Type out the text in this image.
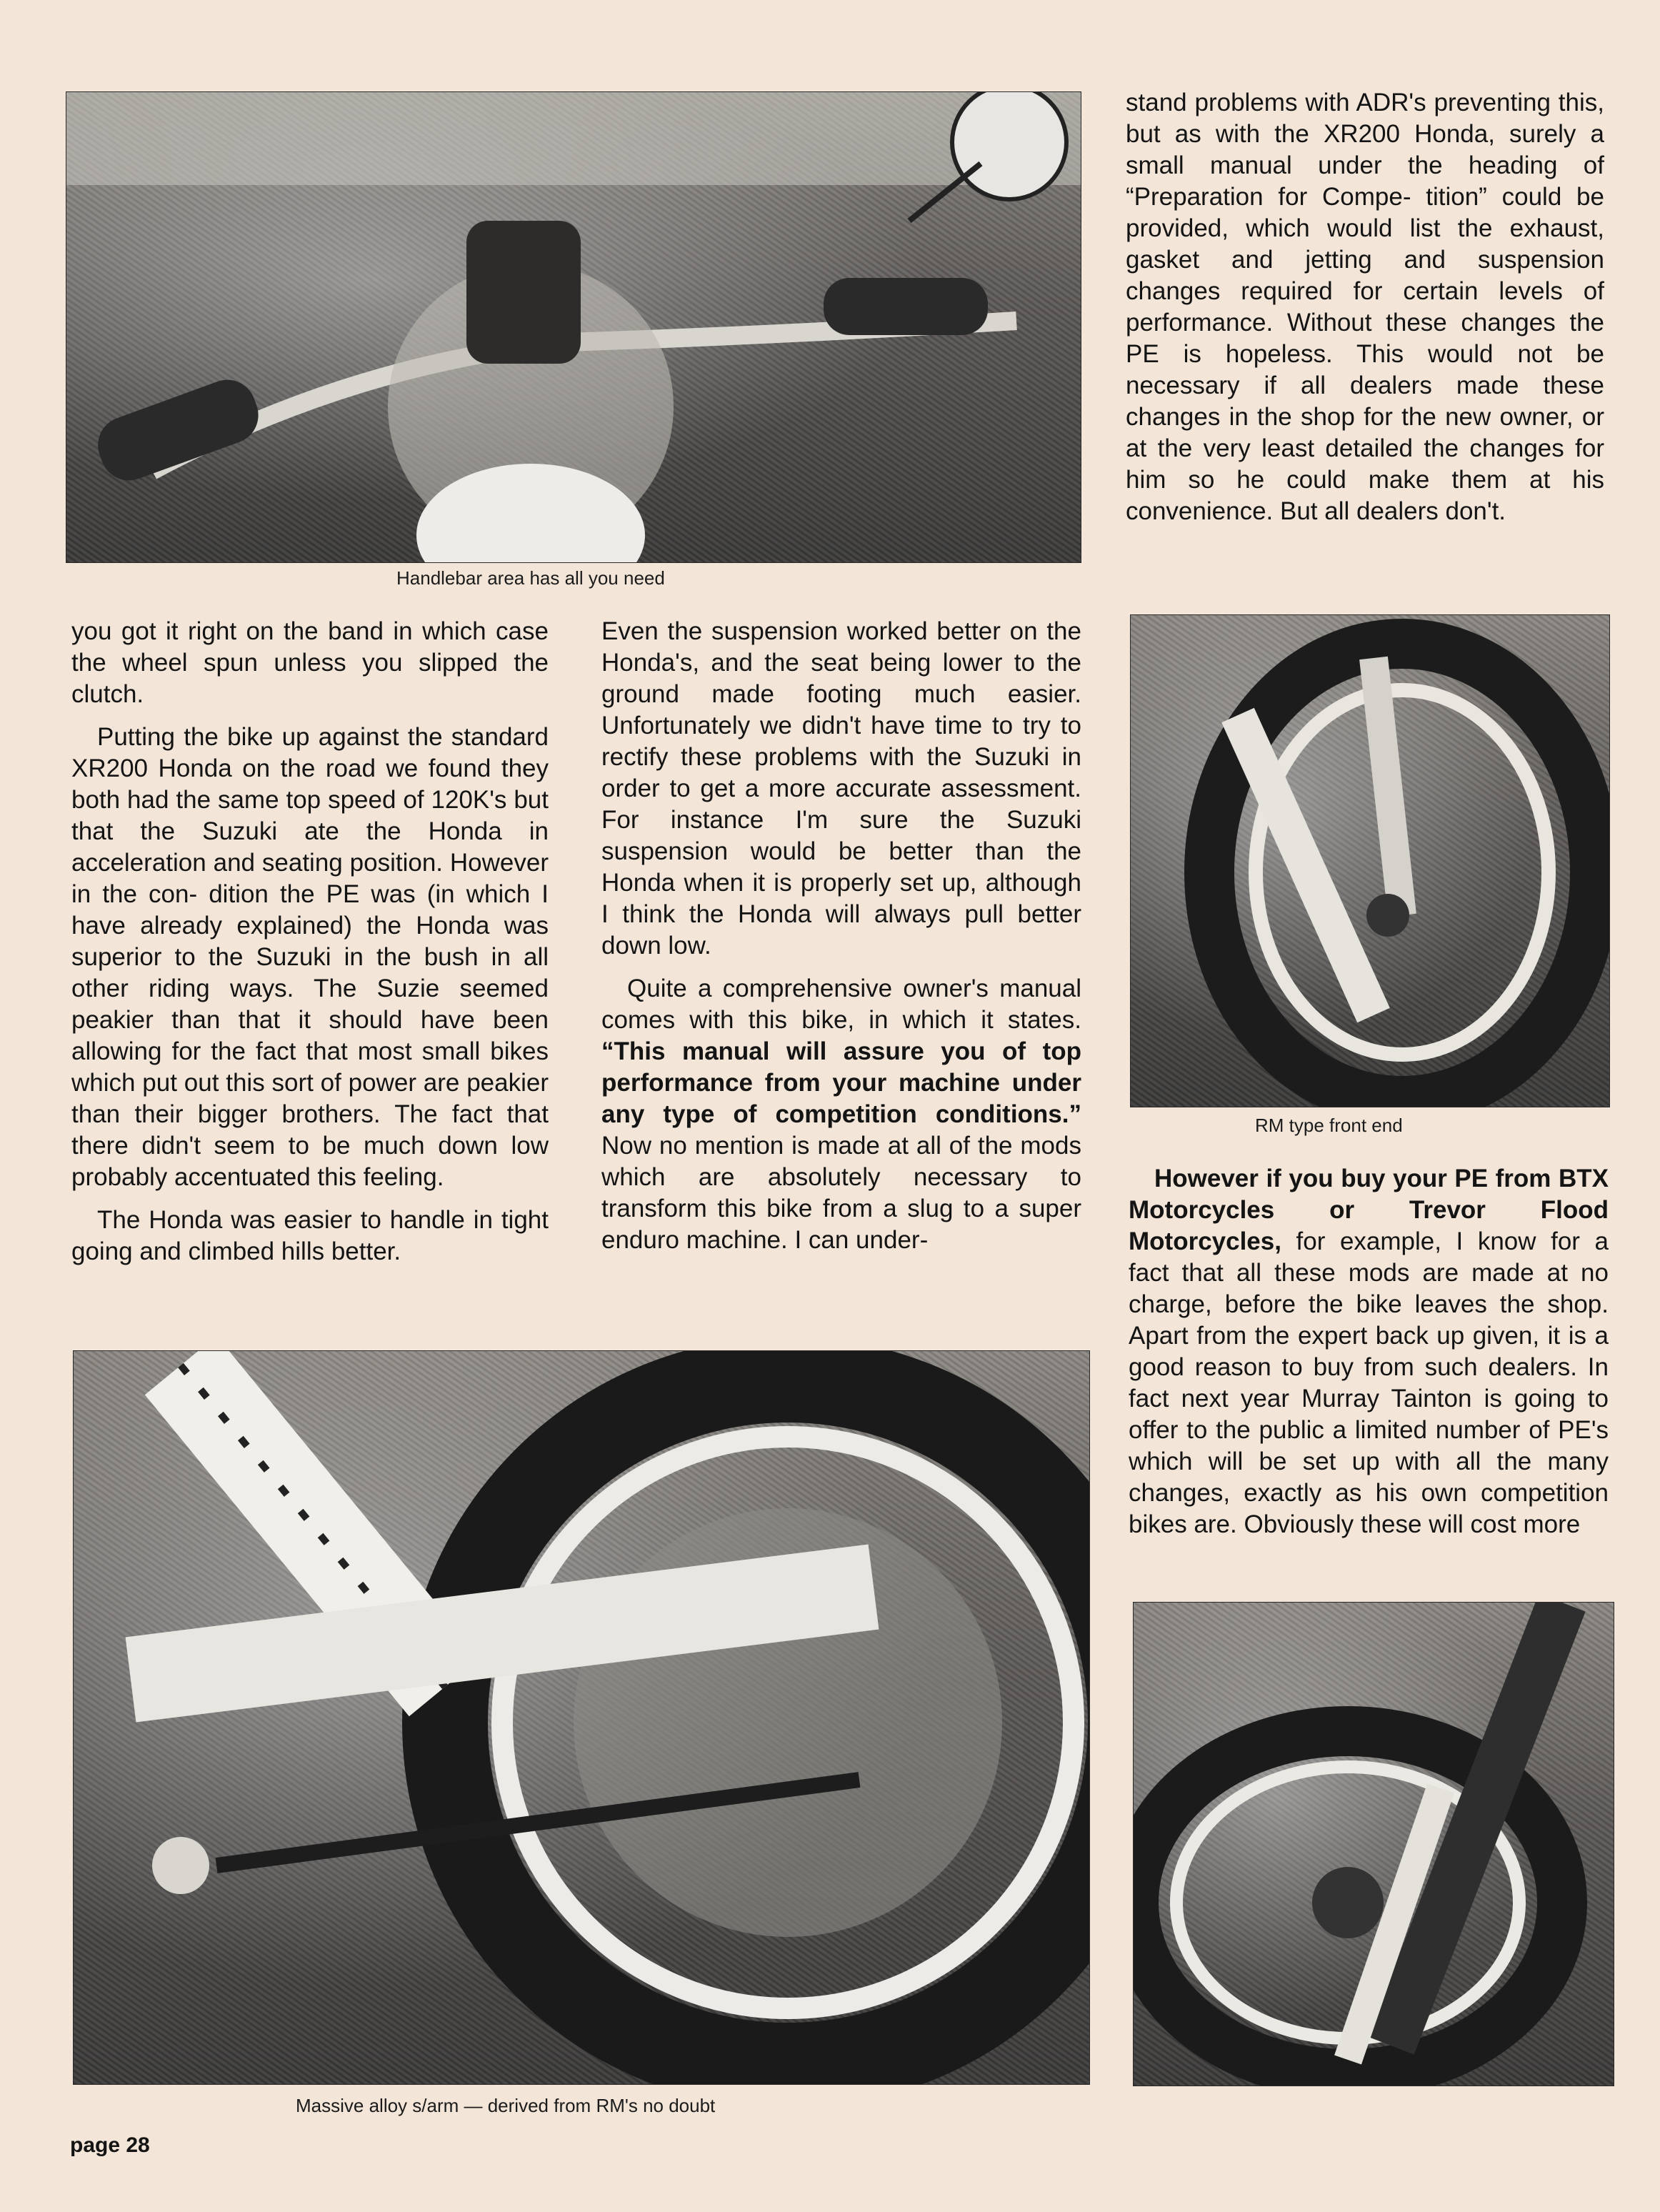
Handlebar area has all you need

stand problems with ADR's preventing this, but as with the XR200 Honda, surely a small manual under the heading of “Preparation for Compe- tition” could be provided, which would list the exhaust, gasket and jetting and suspension changes required for certain levels of performance. Without these changes the PE is hopeless. This would not be necessary if all dealers made these changes in the shop for the new owner, or at the very least detailed the changes for him so he could make them at his convenience. But all dealers don't.

RM type front end

you got it right on the band in which case the wheel spun unless you slipped the clutch.

Putting the bike up against the standard XR200 Honda on the road we found they both had the same top speed of 120K's but that the Suzuki ate the Honda in acceleration and seating position. However in the con- dition the PE was (in which I have already explained) the Honda was superior to the Suzuki in the bush in all other riding ways. The Suzie seemed peakier than that it should have been allowing for the fact that most small bikes which put out this sort of power are peakier than their bigger brothers. The fact that there didn't seem to be much down low probably accentuated this feeling.

The Honda was easier to handle in tight going and climbed hills better.

Even the suspension worked better on the Honda's, and the seat being lower to the ground made footing much easier. Unfortunately we didn't have time to try to rectify these problems with the Suzuki in order to get a more accurate assessment. For instance I'm sure the Suzuki suspension would be better than the Honda when it is properly set up, although I think the Honda will always pull better down low.

Quite a comprehensive owner's manual comes with this bike, in which it states. “This manual will assure you of top performance from your machine under any type of competition conditions.” Now no mention is made at all of the mods which are absolutely necessary to transform this bike from a slug to a super enduro machine. I can under-

However if you buy your PE from BTX Motorcycles or Trevor Flood Motorcycles, for example, I know for a fact that all these mods are made at no charge, before the bike leaves the shop. Apart from the expert back up given, it is a good reason to buy from such dealers. In fact next year Murray Tainton is going to offer to the public a limited number of PE's which will be set up with all the many changes, exactly as his own competition bikes are. Obviously these will cost more

Massive alloy s/arm — derived from RM's no doubt
page 28
